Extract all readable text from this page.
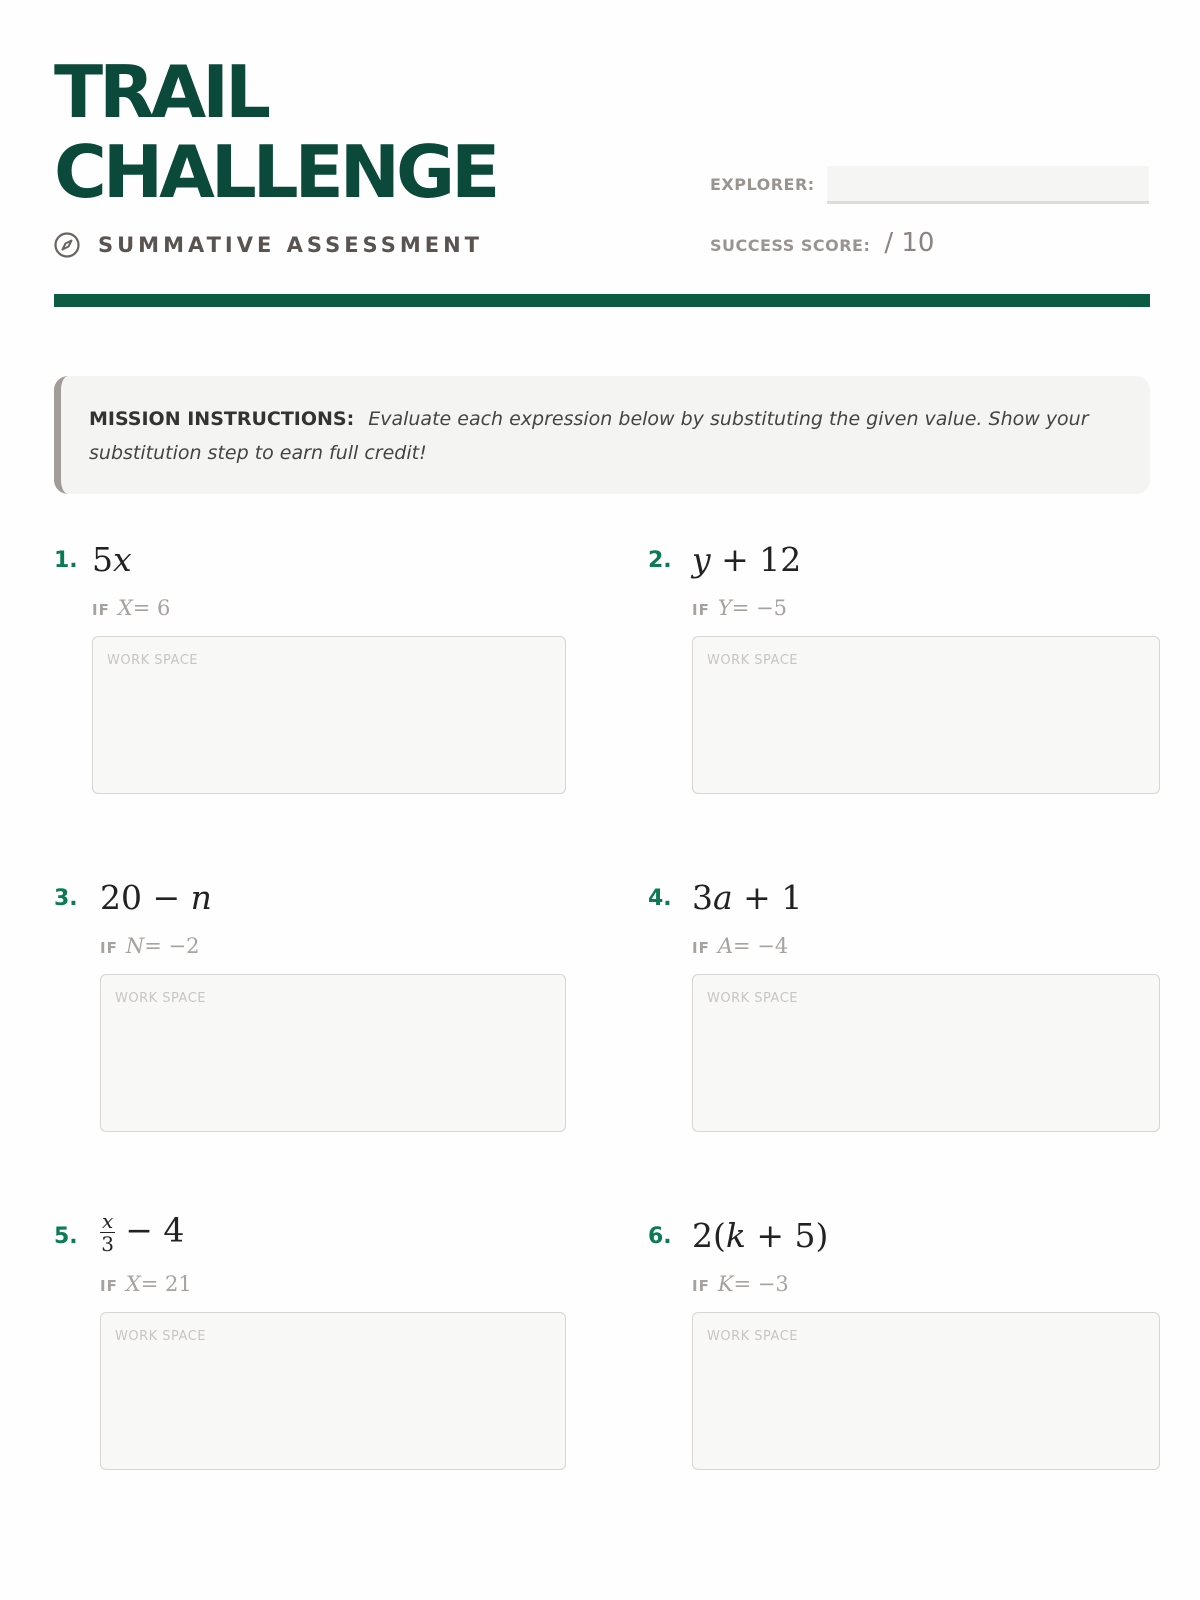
TRAIL
CHALLENGE
SUMMATIVE ASSESSMENT
EXPLORER:
SUCCESS SCORE: / 10
MISSION INSTRUCTIONS: Evaluate each expression below by substituting the given value. Show your substitution step to earn full credit!
1. 5x
IF X= 6
WORK SPACE
2. y + 12
IF Y= −5
WORK SPACE
3. 20 − n
IF N= −2
WORK SPACE
4. 3a + 1
IF A= −4
WORK SPACE
5. $\frac{x}{3} - 4$
IF X= 21
WORK SPACE
6. 2(k + 5)
IF K= −3
WORK SPACE
